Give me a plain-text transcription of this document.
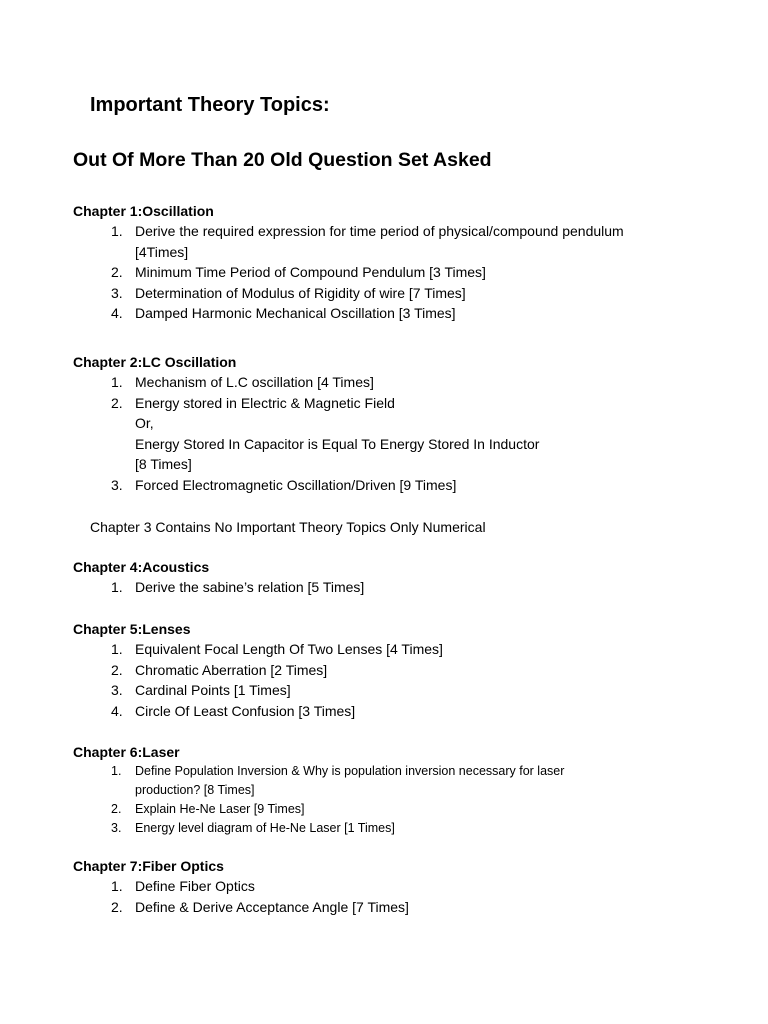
Important Theory Topics:
Out Of More Than 20 Old Question Set Asked

Chapter 1:Oscillation

1. Derive the required expression for time period of physical/compound pendulum
[4Times]
2. Minimum Time Period of Compound Pendulum [3 Times]
3. Determination of Modulus of Rigidity of wire [7 Times]
4. Damped Harmonic Mechanical Oscillation [3 Times]

Chapter 2:LC Oscillation

1. Mechanism of L.C oscillation [4 Times]
2. Energy stored in Electric & Magnetic Field
Or,
Energy Stored In Capacitor is Equal To Energy Stored In Inductor
[8 Times]
3. Forced Electromagnetic Oscillation/Driven [9 Times]

Chapter 3 Contains No Important Theory Topics Only Numerical

Chapter 4:Acoustics

1. Derive the sabine’s relation [5 Times]

Chapter 5:Lenses

1. Equivalent Focal Length Of Two Lenses [4 Times]
2. Chromatic Aberration [2 Times]
3. Cardinal Points [1 Times]
4. Circle Of Least Confusion [3 Times]

Chapter 6:Laser

1. Define Population Inversion & Why is population inversion necessary for laser
production? [8 Times]
2. Explain He-Ne Laser [9 Times]
3. Energy level diagram of He-Ne Laser [1 Times]

Chapter 7:Fiber Optics

1. Define Fiber Optics
2. Define & Derive Acceptance Angle [7 Times]
